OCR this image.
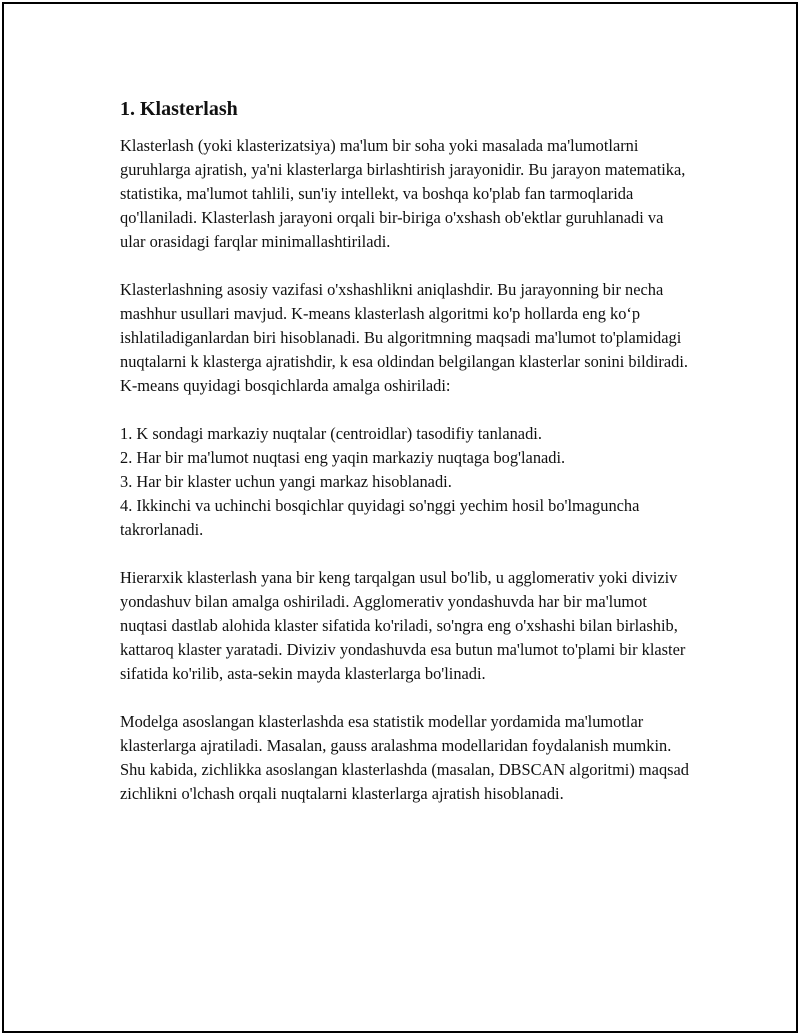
1. Klasterlash

Klasterlash (yoki klasterizatsiya) ma'lum bir soha yoki masalada ma'lumotlarni guruhlarga ajratish, ya'ni klasterlarga birlashtirish jarayonidir. Bu jarayon matematika, statistika, ma'lumot tahlili, sun'iy intellekt, va boshqa ko'plab fan tarmoqlarida qo'llaniladi. Klasterlash jarayoni orqali bir-biriga o'xshash ob'ektlar guruhlanadi va ular orasidagi farqlar minimallashtiriladi.

Klasterlashning asosiy vazifasi o'xshashlikni aniqlashdir. Bu jarayonning bir necha mashhur usullari mavjud. K-means klasterlash algoritmi ko'p hollarda eng ko‘p ishlatiladiganlardan biri hisoblanadi. Bu algoritmning maqsadi ma'lumot to'plamidagi nuqtalarni k klasterga ajratishdir, k esa oldindan belgilangan klasterlar sonini bildiradi. K-means quyidagi bosqichlarda amalga oshiriladi:

1. K sondagi markaziy nuqtalar (centroidlar) tasodifiy tanlanadi.
2. Har bir ma'lumot nuqtasi eng yaqin markaziy nuqtaga bog'lanadi.
3. Har bir klaster uchun yangi markaz hisoblanadi.
4. Ikkinchi va uchinchi bosqichlar quyidagi so'nggi yechim hosil bo'lmaguncha takrorlanadi.

Hierarxik klasterlash yana bir keng tarqalgan usul bo'lib, u agglomerativ yoki diviziv yondashuv bilan amalga oshiriladi. Agglomerativ yondashuvda har bir ma'lumot nuqtasi dastlab alohida klaster sifatida ko'riladi, so'ngra eng o'xshashi bilan birlashib, kattaroq klaster yaratadi. Diviziv yondashuvda esa butun ma'lumot to'plami bir klaster sifatida ko'rilib, asta-sekin mayda klasterlarga bo'linadi.

Modelga asoslangan klasterlashda esa statistik modellar yordamida ma'lumotlar klasterlarga ajratiladi. Masalan, gauss aralashma modellaridan foydalanish mumkin. Shu kabida, zichlikka asoslangan klasterlashda (masalan, DBSCAN algoritmi) maqsad zichlikni o'lchash orqali nuqtalarni klasterlarga ajratish hisoblanadi.
